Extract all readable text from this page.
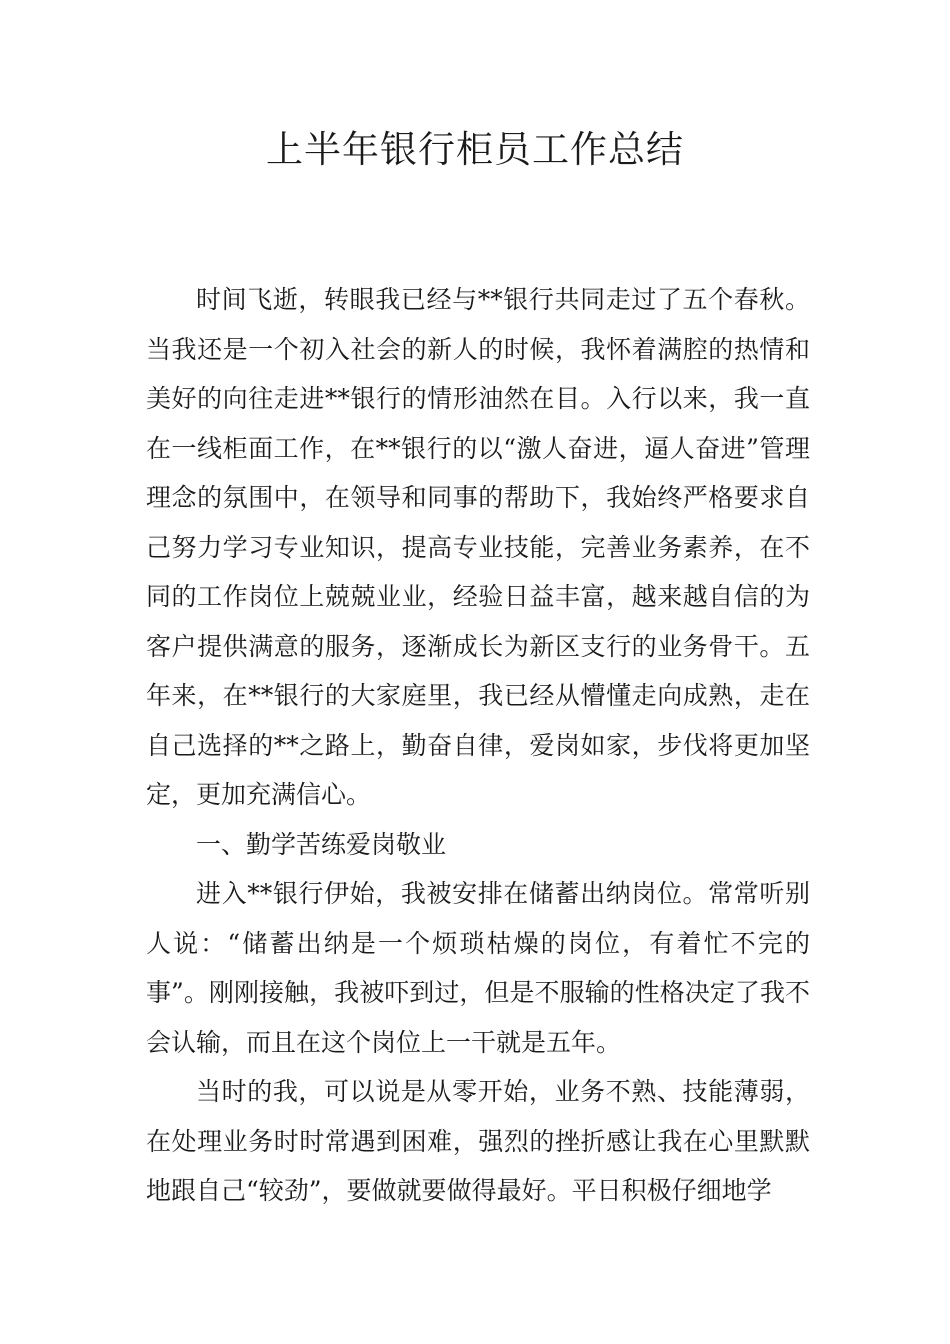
上半年银行柜员工作总结

时间飞逝，转眼我已经与**银行共同走过了五个春秋。当我还是一个初入社会的新人的时候，我怀着满腔的热情和美好的向往走进**银行的情形油然在目。入行以来，我一直在一线柜面工作，在**银行的以“激人奋进，逼人奋进”管理理念的氛围中，在领导和同事的帮助下，我始终严格要求自己努力学习专业知识，提高专业技能，完善业务素养，在不同的工作岗位上兢兢业业，经验日益丰富，越来越自信的为客户提供满意的服务，逐渐成长为新区支行的业务骨干。五年来，在**银行的大家庭里，我已经从懵懂走向成熟，走在自己选择的**之路上，勤奋自律，爱岗如家，步伐将更加坚定，更加充满信心。

一、勤学苦练爱岗敬业

进入**银行伊始，我被安排在储蓄出纳岗位。常常听别人说：“储蓄出纳是一个烦琐枯燥的岗位，有着忙不完的事”。刚刚接触，我被吓到过，但是不服输的性格决定了我不会认输，而且在这个岗位上一干就是五年。

当时的我，可以说是从零开始，业务不熟、技能薄弱，在处理业务时时常遇到困难，强烈的挫折感让我在心里默默地跟自己“较劲”，要做就要做得最好。平日积极仔细地学
